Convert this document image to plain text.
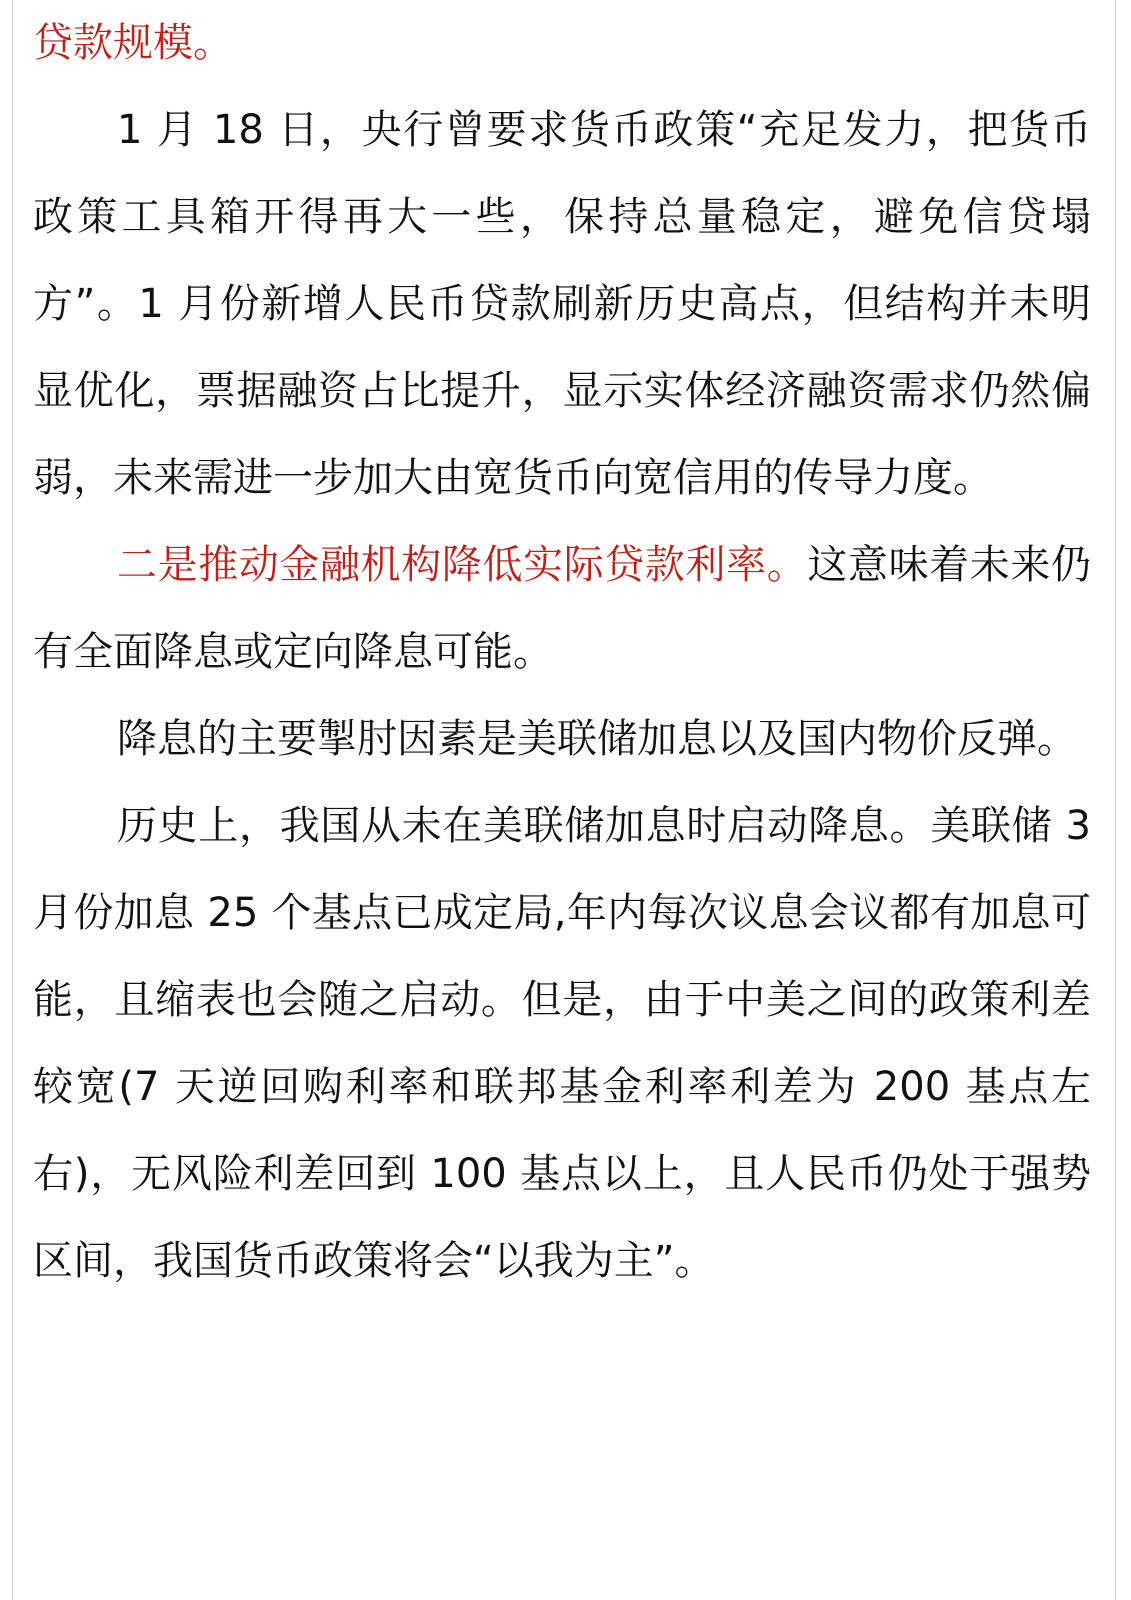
贷款规模。

1 月 18 日，央行曾要求货币政策“充足发力，把货币政策工具箱开得再大一些，保持总量稳定，避免信贷塌方”。1 月份新增人民币贷款刷新历史高点，但结构并未明显优化，票据融资占比提升，显示实体经济融资需求仍然偏弱，未来需进一步加大由宽货币向宽信用的传导力度。

二是推动金融机构降低实际贷款利率。这意味着未来仍有全面降息或定向降息可能。

降息的主要掣肘因素是美联储加息以及国内物价反弹。

历史上，我国从未在美联储加息时启动降息。美联储 3 月份加息 25 个基点已成定局,年内每次议息会议都有加息可能，且缩表也会随之启动。但是，由于中美之间的政策利差较宽(7 天逆回购利率和联邦基金利率利差为 200 基点左右)，无风险利差回到 100 基点以上，且人民币仍处于强势区间，我国货币政策将会“以我为主”。
